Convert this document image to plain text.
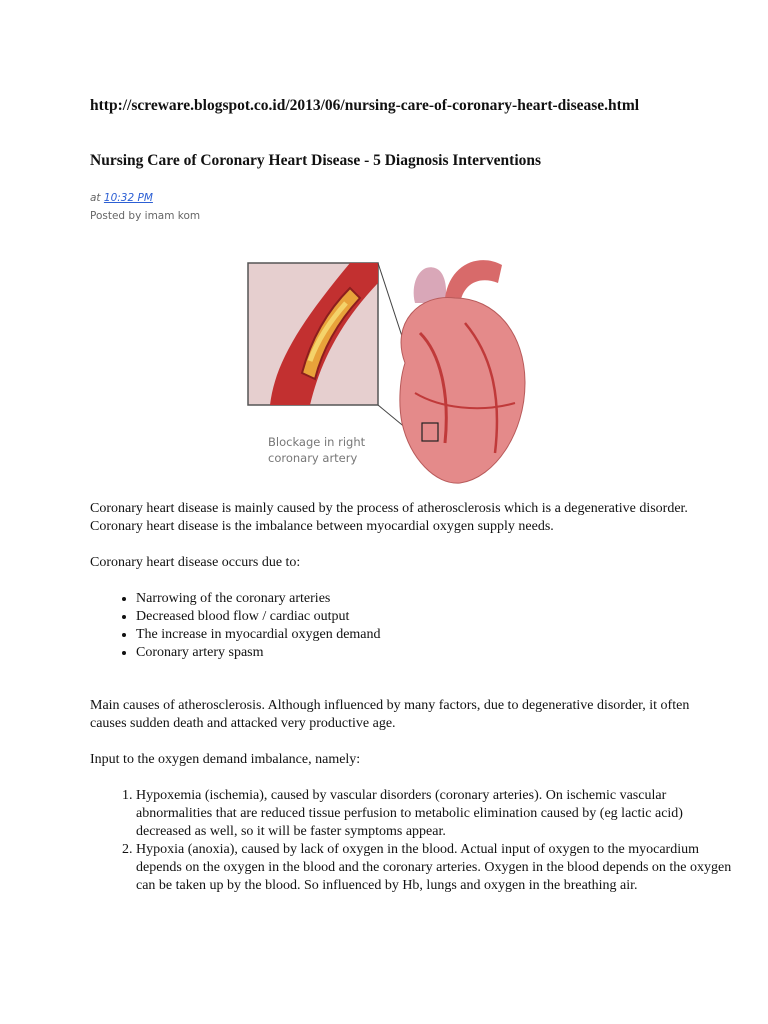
http://screware.blogspot.co.id/2013/06/nursing-care-of-coronary-heart-disease.html

Nursing Care of Coronary Heart Disease - 5 Diagnosis Interventions

at 10:32 PM
Posted by imam kom
Blockage in right
coronary artery

Coronary heart disease is mainly caused by the process of atherosclerosis which is a degenerative disorder. Coronary heart disease is the imbalance between myocardial oxygen supply needs.

Coronary heart disease occurs due to:

• Narrowing of the coronary arteries
• Decreased blood flow / cardiac output
• The increase in myocardial oxygen demand
• Coronary artery spasm

Main causes of atherosclerosis. Although influenced by many factors, due to degenerative disorder, it often causes sudden death and attacked very productive age.

Input to the oxygen demand imbalance, namely:

1. Hypoxemia (ischemia), caused by vascular disorders (coronary arteries). On ischemic vascular abnormalities that are reduced tissue perfusion to metabolic elimination caused by (eg lactic acid) decreased as well, so it will be faster symptoms appear.
2. Hypoxia (anoxia), caused by lack of oxygen in the blood. Actual input of oxygen to the myocardium depends on the oxygen in the blood and the coronary arteries. Oxygen in the blood depends on the oxygen can be taken up by the blood. So influenced by Hb, lungs and oxygen in the breathing air.
